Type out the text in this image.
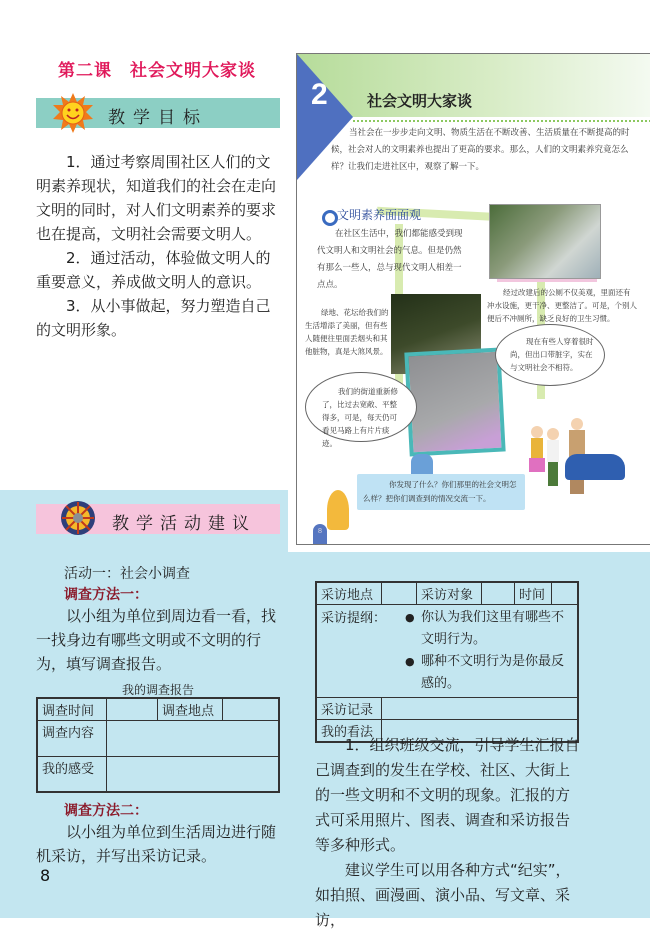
第二课　社会文明大家谈
教学目标

1．通过考察周围社区人们的文明素养现状，知道我们的社会在走向文明的同时，对人们文明素养的要求也在提高，文明社会需要文明人。

2．通过活动，体验做文明人的重要意义，养成做文明人的意识。

3．从小事做起，努力塑造自己的文明形象。

2	社会文明大家谈

当社会在一步步走向文明、物质生活在不断改善、生活质量在不断提高的时候，社会对人的文明素养也提出了更高的要求。那么，人们的文明素养究竟怎么样？让我们走进社区中，观察了解一下。

文明素养面面观

在社区生活中，我们都能感受到现代文明人和文明社会的气息。但是仍然有那么一些人，总与现代文明人相差一点点。

经过改建后的公厕不仅美观，里面还有冲水设施，更干净、更整洁了。可是，个别人便后不冲厕所，缺乏良好的卫生习惯。

绿地、花坛给我们的生活增添了美丽，但有些人随便往里面丢烟头和其他脏物，真是大煞风景。

我们的街道重新修了，比过去宽敞、平整得多，可是，每天仍可看见马路上有片片痰迹。

现在有些人穿着很时尚，但出口带脏字，实在与文明社会不相符。

你发现了什么？你们那里的社会文明怎么样？把你们调查到的情况交流一下。

8
教学活动建议
活动一：社会小调查
调查方法一：

以小组为单位到周边看一看，找一找身边有哪些文明或不文明的行为，填写调查报告。

我的调查报告
调查时间		调查地点	
调查内容			
我的感受			
调查方法二：

以小组为单位到生活周边进行随机采访，并写出采访记录。

8
采访地点		采访对象		时间	

采访提纲：	● 你认为我们这里有哪些不文明行为。
● 哪种不文明行为是你最反感的。

采访记录					
我的看法					

1．组织班级交流，引导学生汇报自己调查到的发生在学校、社区、大街上的一些文明和不文明的现象。汇报的方式可采用照片、图表、调查和采访报告等多种形式。

建议学生可以用各种方式“纪实”，如拍照、画漫画、演小品、写文章、采访，
